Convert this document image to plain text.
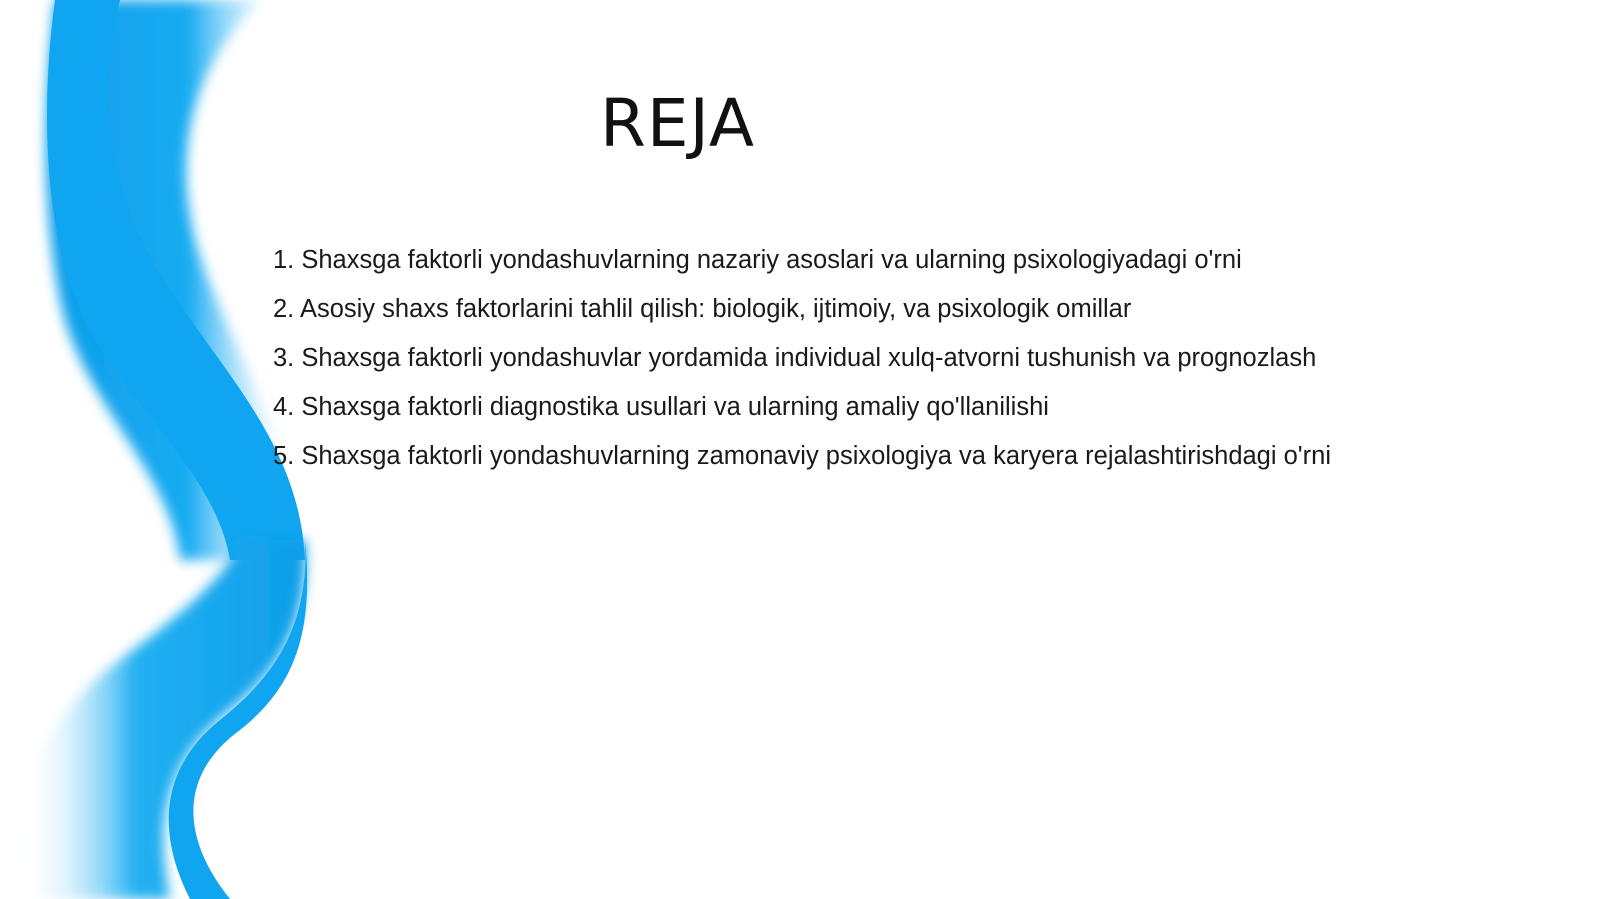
REJA
1. Shaxsga faktorli yondashuvlarning nazariy asoslari va ularning psixologiyadagi o'rni
2. Asosiy shaxs faktorlarini tahlil qilish: biologik, ijtimoiy, va psixologik omillar
3. Shaxsga faktorli yondashuvlar yordamida individual xulq-atvorni tushunish va prognozlash
4. Shaxsga faktorli diagnostika usullari va ularning amaliy qo'llanilishi
5. Shaxsga faktorli yondashuvlarning zamonaviy psixologiya va karyera rejalashtirishdagi o'rni
